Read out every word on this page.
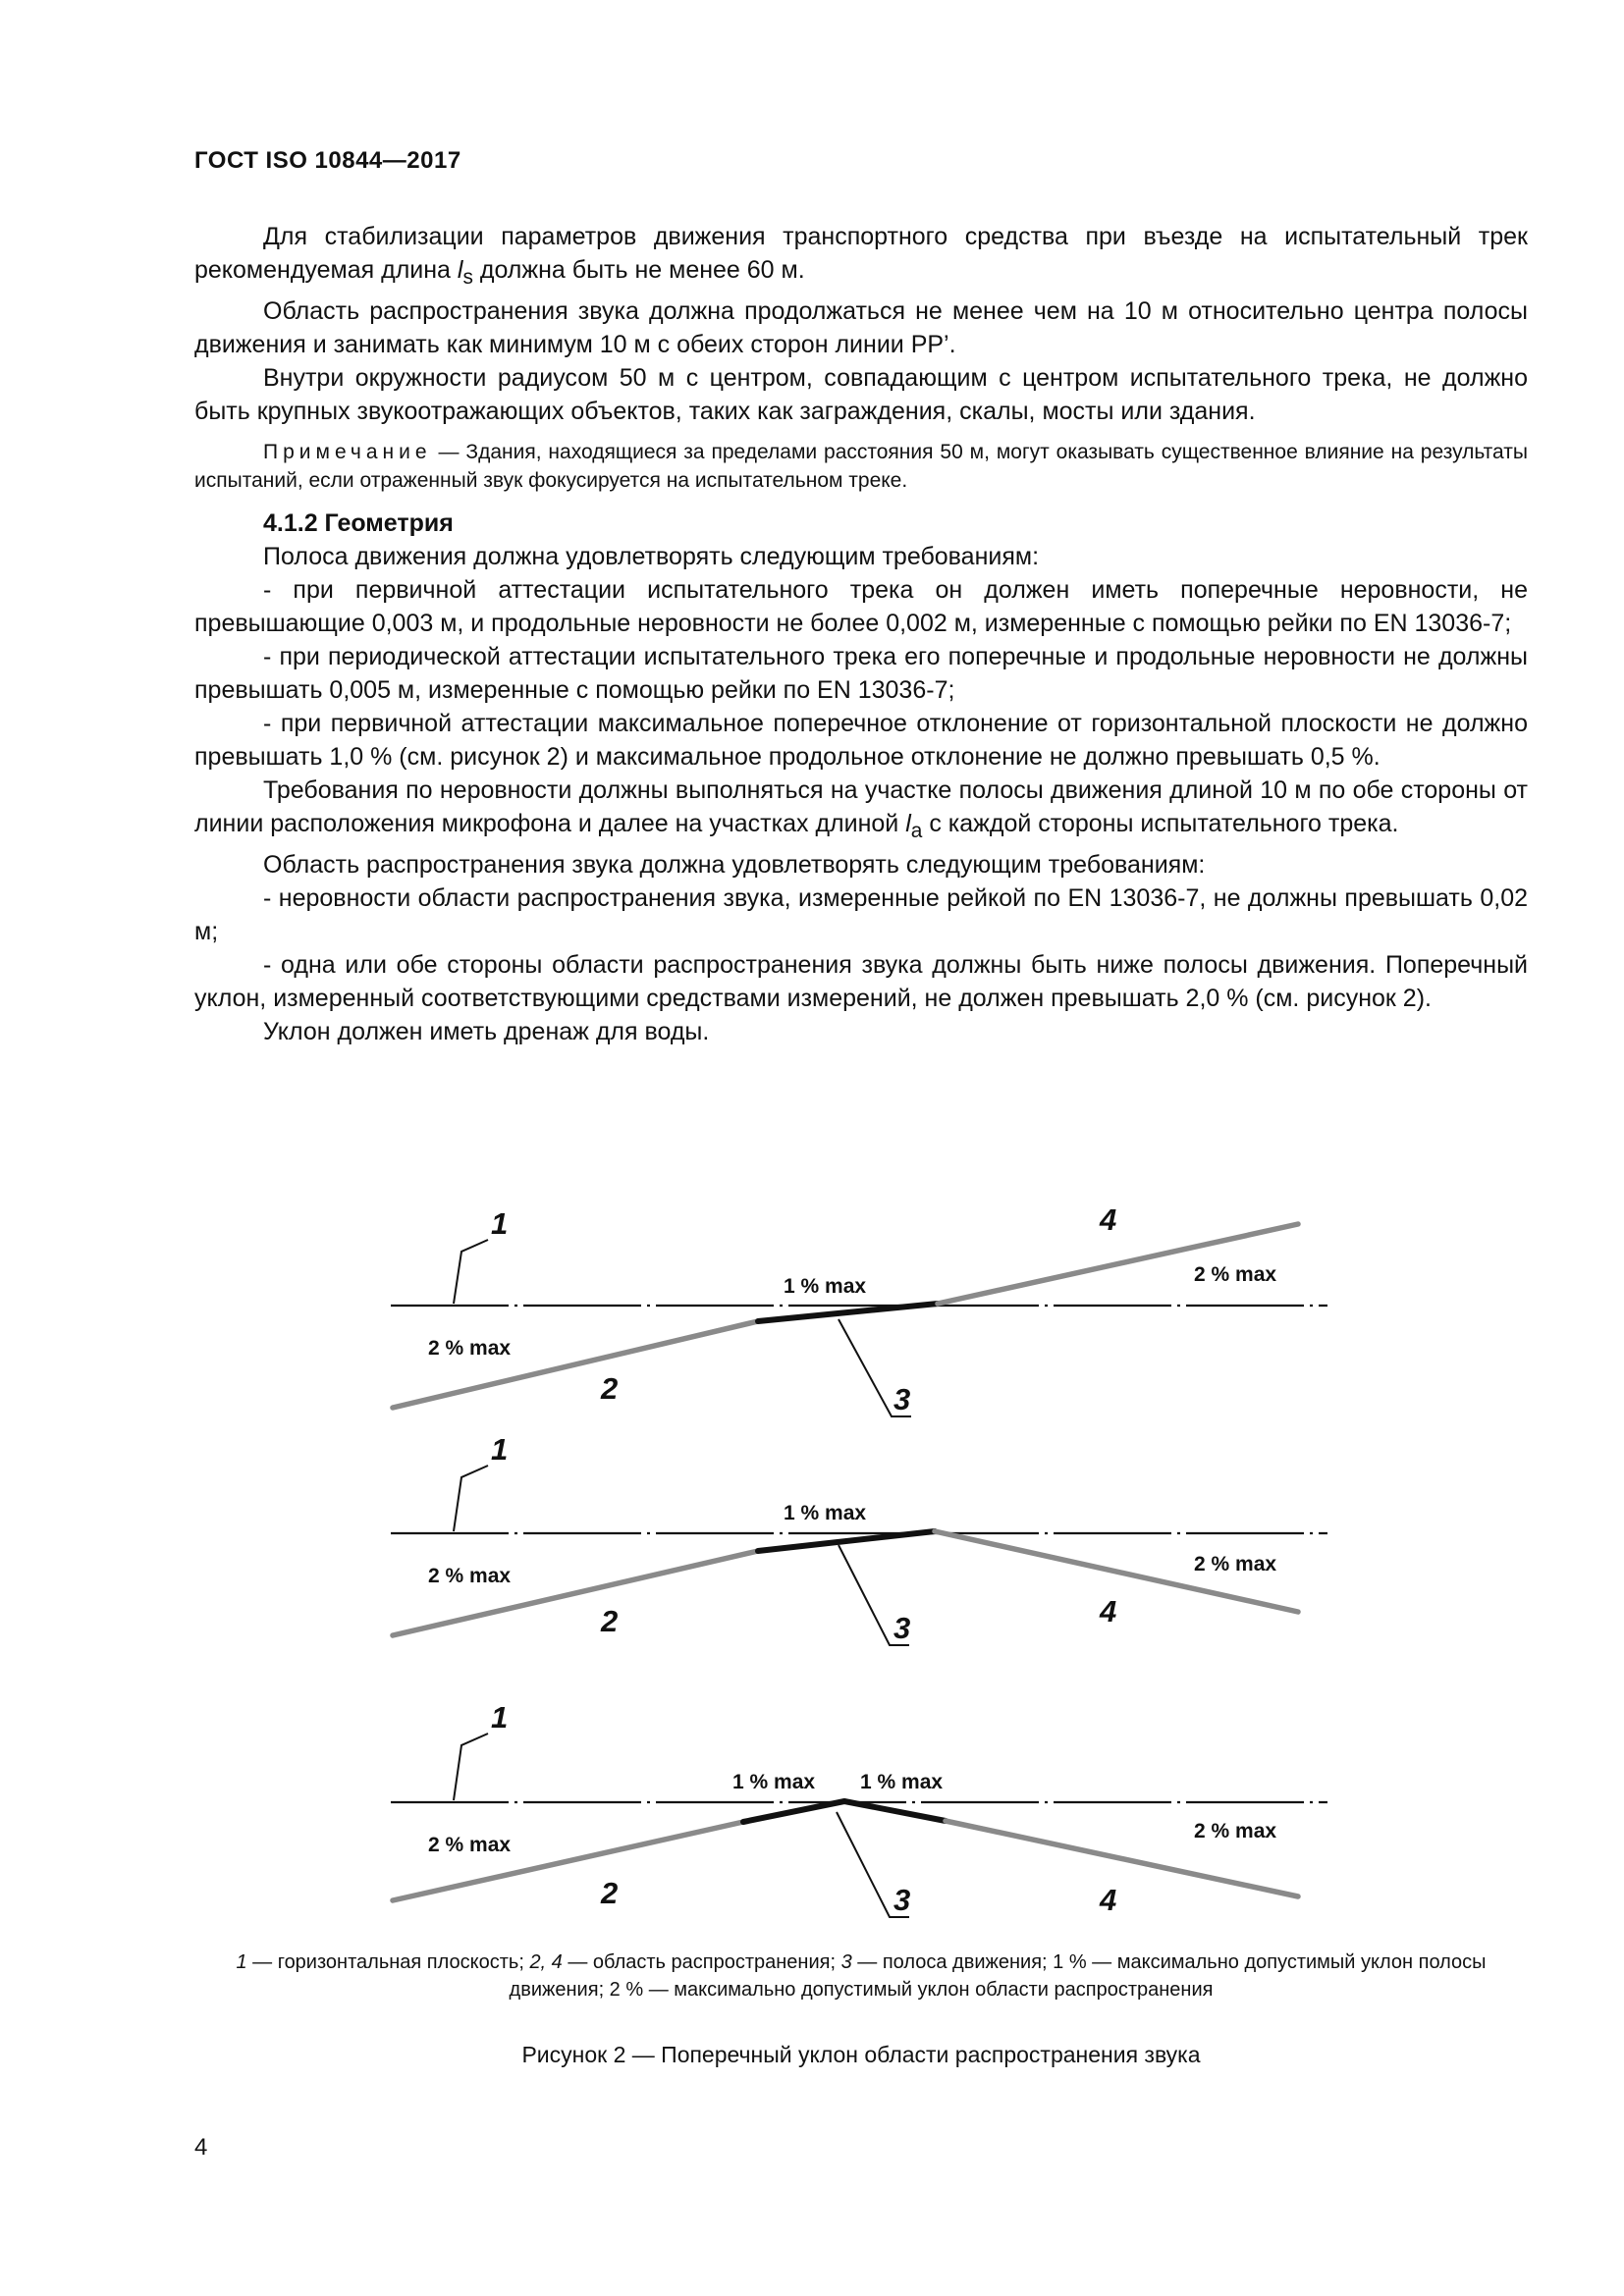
ГОСТ ISO 10844—2017

Для стабилизации параметров движения транспортного средства при въезде на испытательный трек рекомендуемая длина $l_s$ должна быть не менее 60 м.

Область распространения звука должна продолжаться не менее чем на 10 м относительно центра полосы движения и занимать как минимум 10 м с обеих сторон линии PP’.

Внутри окружности радиусом 50 м с центром, совпадающим с центром испытательного трека, не должно быть крупных звукоотражающих объектов, таких как заграждения, скалы, мосты или здания.

Примечание — Здания, находящиеся за пределами расстояния 50 м, могут оказывать существенное влияние на результаты испытаний, если отраженный звук фокусируется на испытательном треке.

4.1.2 Геометрия

Полоса движения должна удовлетворять следующим требованиям:

- при первичной аттестации испытательного трека он должен иметь поперечные неровности, не превышающие 0,003 м, и продольные неровности не более 0,002 м, измеренные с помощью рейки по EN 13036-7;

- при периодической аттестации испытательного трека его поперечные и продольные неровности не должны превышать 0,005 м, измеренные с помощью рейки по EN 13036-7;

- при первичной аттестации максимальное поперечное отклонение от горизонтальной плоскости не должно превышать 1,0 % (см. рисунок 2) и максимальное продольное отклонение не должно превышать 0,5 %.

Требования по неровности должны выполняться на участке полосы движения длиной 10 м по обе стороны от линии расположения микрофона и далее на участках длиной $l_a$ с каждой стороны испытательного трека.

Область распространения звука должна удовлетворять следующим требованиям:

- неровности области распространения звука, измеренные рейкой по EN 13036-7, не должны превышать 0,02 м;

- одна или обе стороны области распространения звука должны быть ниже полосы движения. Поперечный уклон, измеренный соответствующими средствами измерений, не должен превышать 2,0 % (см. рисунок 2).

Уклон должен иметь дренаж для воды.

1
2	3
4
2 % max
1 % max
2 % max
1
2	3	4
2 % max
1 % max
2 % max
1
2	3	4
2 % max
1 % max 1 % max
2 % max
1 — горизонтальная плоскость; 2, 4 — область распространения; 3 — полоса движения; 1 % — максимально допустимый уклон полосы движения; 2 % — максимально допустимый уклон области распространения
Рисунок 2 — Поперечный уклон области распространения звука
4
